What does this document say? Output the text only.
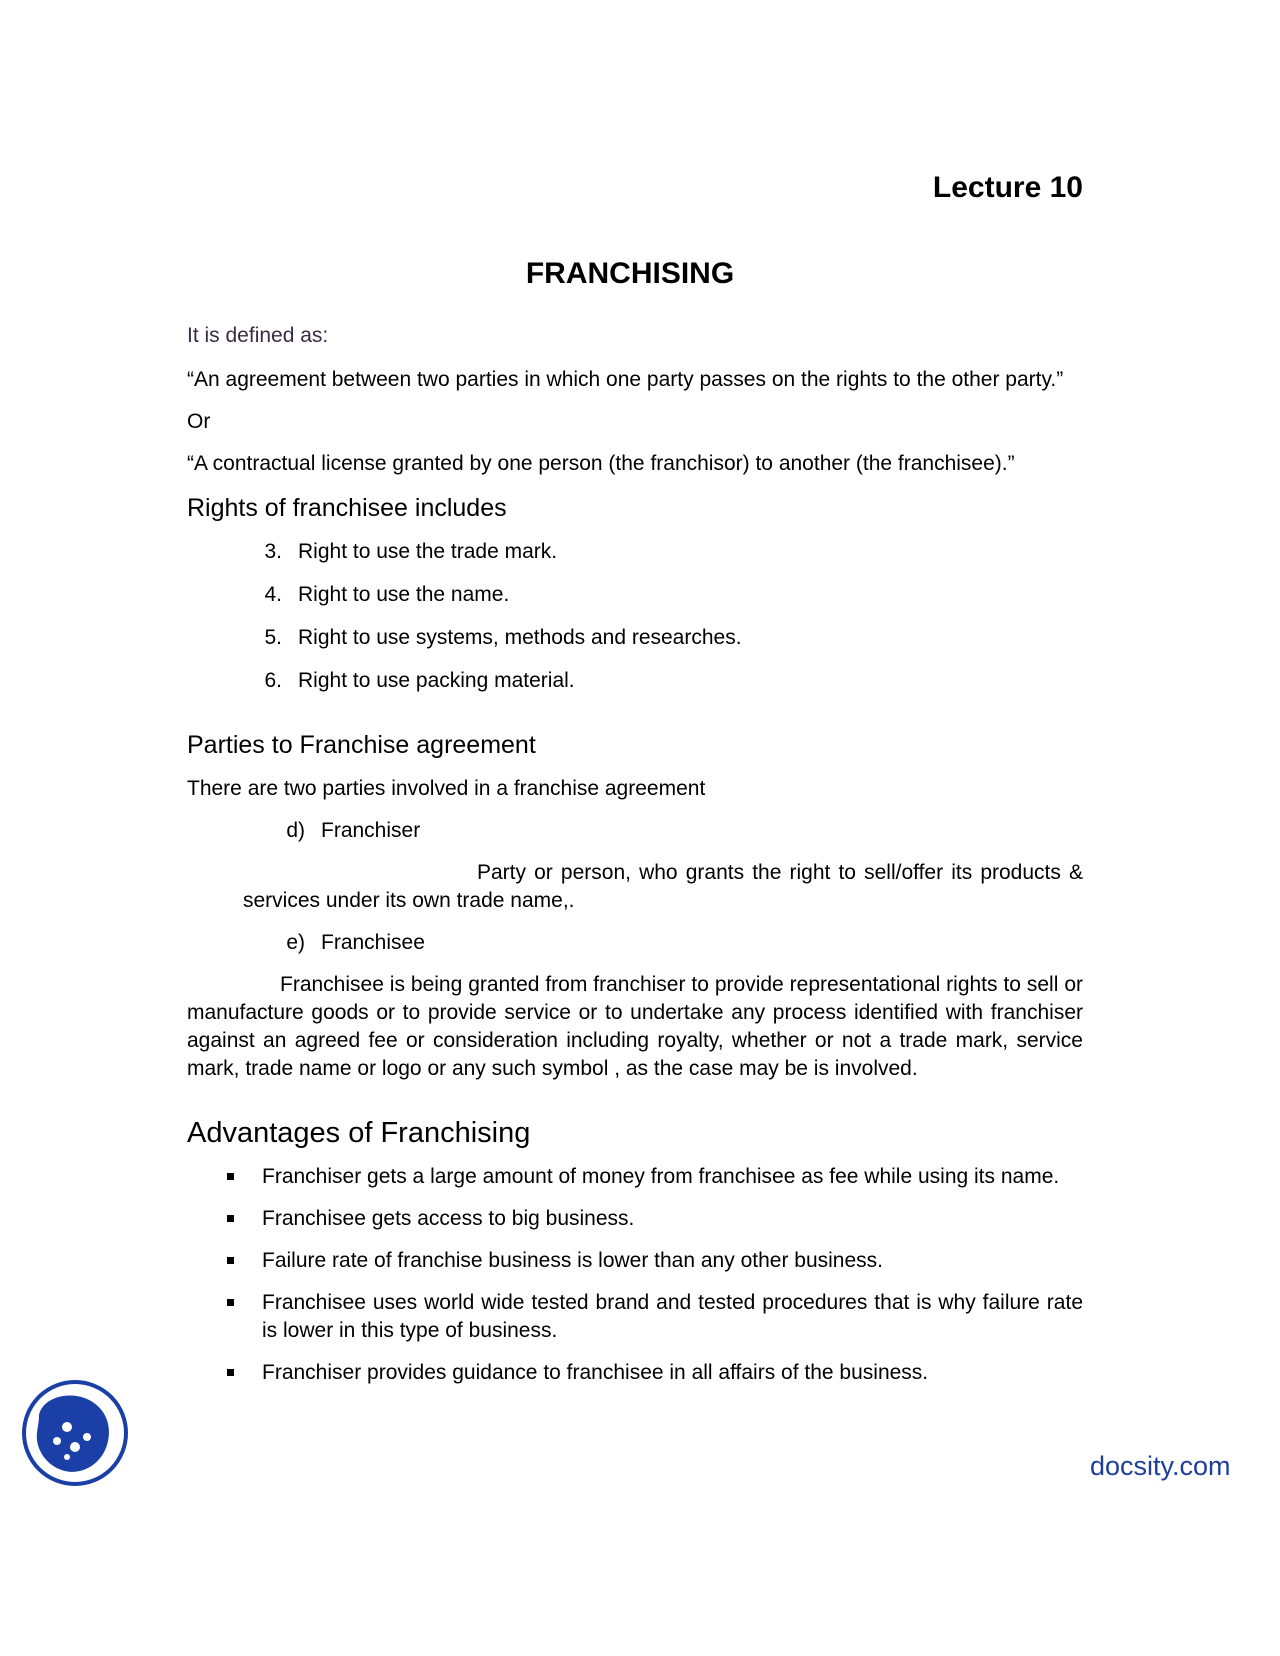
Lecture 10

FRANCHISING

It is defined as:

“An agreement between two parties in which one party passes on the rights to the other party.”

Or

“A contractual license granted by one person (the franchisor) to another (the franchisee).”

Rights of franchisee includes
3. Right to use the trade mark.
4. Right to use the name.
5. Right to use systems, methods and researches.
6. Right to use packing material.
Parties to Franchise agreement

There are two parties involved in a franchise agreement

d) Franchiser

Party or person, who grants the right to sell/offer its products & services under its own trade name,.

e) Franchisee

Franchisee is being granted from franchiser to provide representational rights to sell or manufacture goods or to provide service or to undertake any process identified with franchiser against an agreed fee or consideration including royalty, whether or not a trade mark, service mark, trade name or logo or any such symbol , as the case may be is involved.

Advantages of Franchising
Franchiser gets a large amount of money from franchisee as fee while using its name.
Franchisee gets access to big business.
Failure rate of franchise business is lower than any other business.
Franchisee uses world wide tested brand and tested procedures that is why failure rate is lower in this type of business.
Franchiser provides guidance to franchisee in all affairs of the business.
docsity.com
